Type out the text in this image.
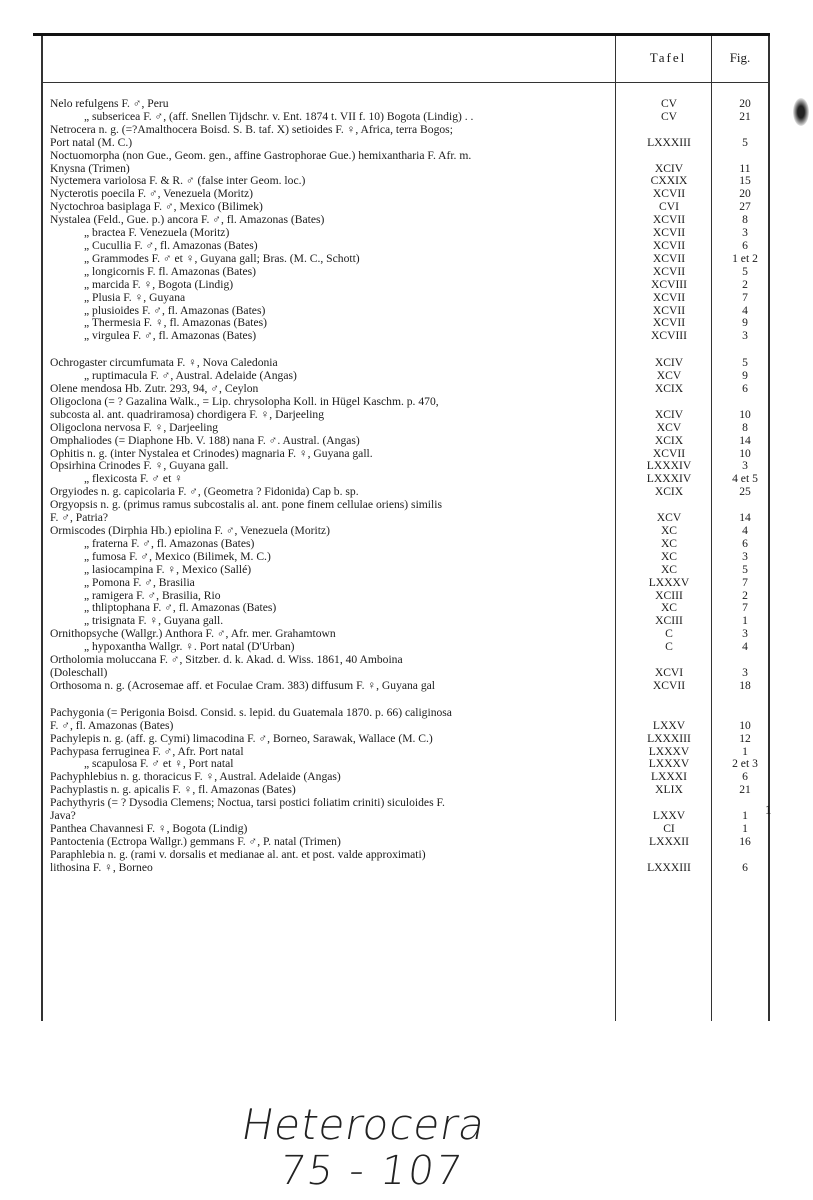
Tafel	Fig.
Nelo refulgens F. ♂, Peru	CV	20
„ subsericea F. ♂, (aff. Snellen Tijdschr. v. Ent. 1874 t. VII f. 10) Bogota (Lindig) . .	CV	21
Netrocera n. g. (=?Amalthocera Boisd. S. B. taf. X) setioides F. ♀, Africa, terra Bogos;
Port natal (M. C.)	LXXXIII	5
Noctuomorpha (non Gue., Geom. gen., affine Gastrophorae Gue.) hemixantharia F. Afr. m.
Knysna (Trimen)	XCIV	11
Nyctemera variolosa F. & R. ♂ (false inter Geom. loc.)	CXXIX	15
Nycterotis poecila F. ♂, Venezuela (Moritz)	XCVII	20
Nyctochroa basiplaga F. ♂, Mexico (Bilimek)	CVI	27
Nystalea (Feld., Gue. p.) ancora F. ♂, fl. Amazonas (Bates)	XCVII	8
„ bractea F. Venezuela (Moritz)	XCVII	3
„ Cucullia F. ♂, fl. Amazonas (Bates)	XCVII	6
„ Grammodes F. ♂ et ♀, Guyana gall; Bras. (M. C., Schott)	XCVII	1 et 2
„ longicornis F. fl. Amazonas (Bates)	XCVII	5
„ marcida F. ♀, Bogota (Lindig)	XCVIII	2
„ Plusia F. ♀, Guyana	XCVII	7
„ plusioides F. ♂, fl. Amazonas (Bates)	XCVII	4
„ Thermesia F. ♀, fl. Amazonas (Bates)	XCVII	9
„ virgulea F. ♂, fl. Amazonas (Bates)	XCVIII	3
Ochrogaster circumfumata F. ♀, Nova Caledonia	XCIV	5
„ ruptimacula F. ♂, Austral. Adelaide (Angas)	XCV	9
Olene mendosa Hb. Zutr. 293, 94, ♂, Ceylon	XCIX	6
Oligoclona (= ? Gazalina Walk., = Lip. chrysolopha Koll. in Hügel Kaschm. p. 470,
subcosta al. ant. quadriramosa) chordigera F. ♀, Darjeeling	XCIV	10
Oligoclona nervosa F. ♀, Darjeeling	XCV	8
Omphaliodes (= Diaphone Hb. V. 188) nana F. ♂. Austral. (Angas)	XCIX	14
Ophitis n. g. (inter Nystalea et Crinodes) magnaria F. ♀, Guyana gall.	XCVII	10
Opsirhina Crinodes F. ♀, Guyana gall.	LXXXIV	3
„ flexicosta F. ♂ et ♀	LXXXIV	4 et 5
Orgyiodes n. g. capicolaria F. ♂, (Geometra ? Fidonida) Cap b. sp.	XCIX	25
Orgyopsis n. g. (primus ramus subcostalis al. ant. pone finem cellulae oriens) similis
F. ♂, Patria?	XCV	14
Ormiscodes (Dirphia Hb.) epiolina F. ♂, Venezuela (Moritz)	XC	4
„ fraterna F. ♂, fl. Amazonas (Bates)	XC	6
„ fumosa F. ♂, Mexico (Bilimek, M. C.)	XC	3
„ lasiocampina F. ♀, Mexico (Sallé)	XC	5
„ Pomona F. ♂, Brasilia	LXXXV	7
„ ramigera F. ♂, Brasilia, Rio	XCIII	2
„ thliptophana F. ♂, fl. Amazonas (Bates)	XC	7
„ trisignata F. ♀, Guyana gall.	XCIII	1
Ornithopsyche (Wallgr.) Anthora F. ♂, Afr. mer. Grahamtown	C	3
„ hypoxantha Wallgr. ♀. Port natal (D'Urban)	C	4
Ortholomia moluccana F. ♂, Sitzber. d. k. Akad. d. Wiss. 1861, 40 Amboina
(Doleschall)	XCVI	3
Orthosoma n. g. (Acrosemae aff. et Foculae Cram. 383) diffusum F. ♀, Guyana gal	XCVII	18
Pachygonia (= Perigonia Boisd. Consid. s. lepid. du Guatemala 1870. p. 66) caliginosa
F. ♂, fl. Amazonas (Bates)	LXXV	10
Pachylepis n. g. (aff. g. Cymi) limacodina F. ♂, Borneo, Sarawak, Wallace (M. C.)	LXXXIII	12
Pachypasa ferruginea F. ♂, Afr. Port natal	LXXXV	1
„ scapulosa F. ♂ et ♀, Port natal	LXXXV	2 et 3
Pachyphlebius n. g. thoracicus F. ♀, Austral. Adelaide (Angas)	LXXXI	6
Pachyplastis n. g. apicalis F. ♀, fl. Amazonas (Bates)	XLIX	21
Pachythyris (= ? Dysodia Clemens; Noctua, tarsi postici foliatim criniti) siculoides F.
Java?	LXXV	1
Panthea Chavannesi F. ♀, Bogota (Lindig)	CI	1
Pantoctenia (Ectropa Wallgr.) gemmans F. ♂, P. natal (Trimen)	LXXXII	16
Paraphlebia n. g. (rami v. dorsalis et medianae al. ant. et post. valde approximati)
lithosina F. ♀, Borneo	LXXXIII	6
1
Heterocera
75 - 107
